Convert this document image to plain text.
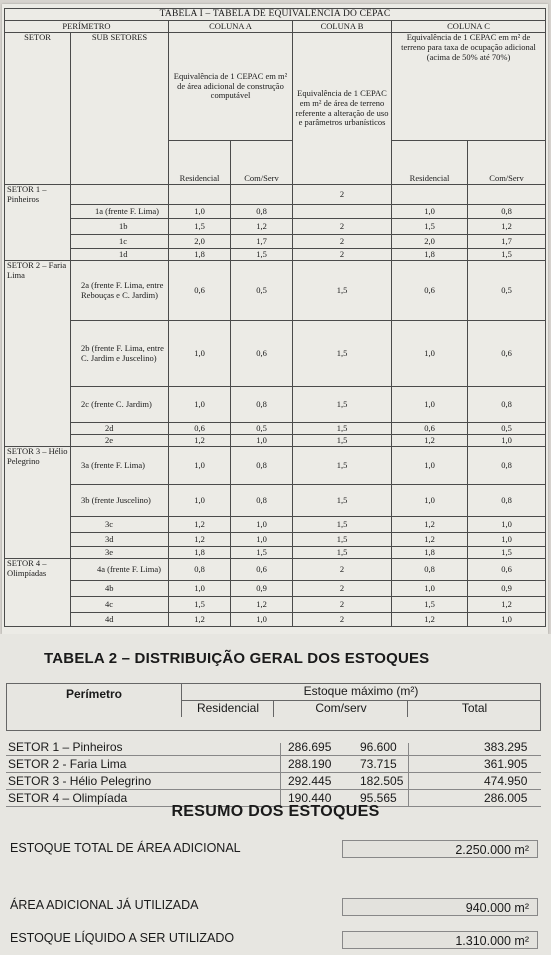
TABELA I – TABELA DE EQUIVALÊNCIA DO CEPAC						
PERÍMETRO		COLUNA A		COLUNA B	COLUNA C	
SETOR	SUB SETORES	Equivalência de 1 CEPAC em m² de área adicional de construção computável		Equivalência de 1 CEPAC em m² de área de terreno referente a alteração de uso e parâmetros urbanísticos	Equivalência de 1 CEPAC em m² de terreno para taxa de ocupação adicional (acima de 50% até 70%)	
		Residencial	Com/Serv		Residencial	Com/Serv
SETOR 1 – Pinheiros				2		
	1a (frente F. Lima)	1,0	0,8		1,0	0,8
	1b	1,5	1,2	2	1,5	1,2
	1c	2,0	1,7	2	2,0	1,7
	1d	1,8	1,5	2	1,8	1,5
SETOR 2 – Faria Lima	2a (frente F. Lima, entre Rebouças e C. Jardim)	0,6	0,5	1,5	0,6	0,5
	2b (frente F. Lima, entre C. Jardim e Juscelino)	1,0	0,6	1,5	1,0	0,6
	2c (frente C. Jardim)	1,0	0,8	1,5	1,0	0,8
	2d	0,6	0,5	1,5	0,6	0,5
	2e	1,2	1,0	1,5	1,2	1,0
SETOR 3 – Hélio Pelegrino	3a (frente F. Lima)	1,0	0,8	1,5	1,0	0,8
	3b (frente Juscelino)	1,0	0,8	1,5	1,0	0,8
	3c	1,2	1,0	1,5	1,2	1,0
	3d	1,2	1,0	1,5	1,2	1,0
	3e	1,8	1,5	1,5	1,8	1,5
SETOR 4 – Olimpíadas	4a (frente F. Lima)	0,8	0,6	2	0,8	0,6
	4b	1,0	0,9	2	1,0	0,9
	4c	1,5	1,2	2	1,5	1,2
	4d	1,2	1,0	2	1,2	1,0
TABELA 2 – DISTRIBUIÇÃO GERAL DOS ESTOQUES
Perímetro	Estoque máximo (m²)
Residencial	Com/serv	Total
SETOR 1 – Pinheiros	286.695 96.600	383.295
SETOR 2 - Faria Lima	288.190 73.715	361.905
SETOR 3 - Hélio Pelegrino	292.445 182.505	474.950
SETOR 4 – Olimpíada	190.440 95.565	286.005
RESUMO DOS ESTOQUES
ESTOQUE TOTAL DE ÁREA ADICIONAL	2.250.000 m²
ÁREA ADICIONAL JÁ UTILIZADA	940.000 m²
ESTOQUE LÍQUIDO A SER UTILIZADO	1.310.000 m²
